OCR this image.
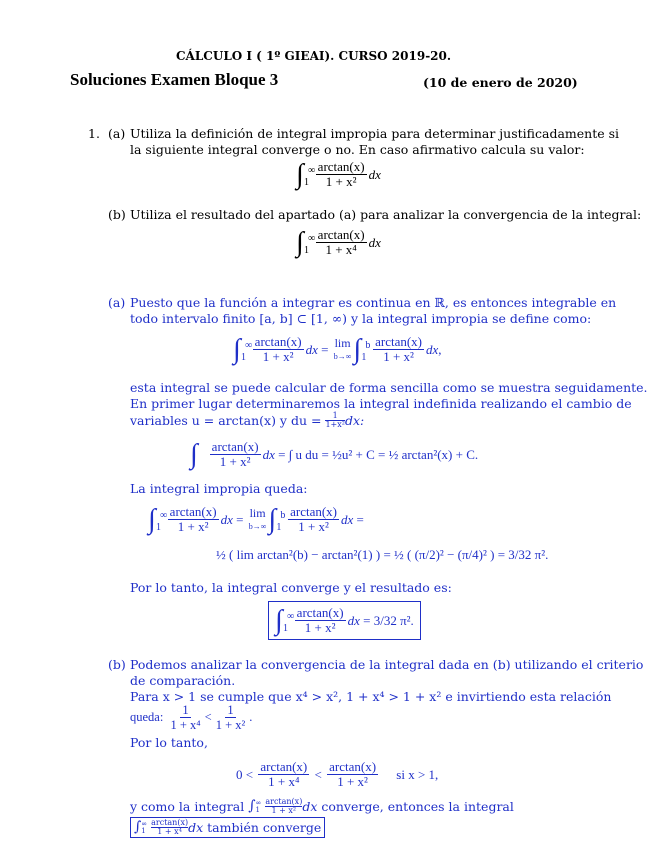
CÁLCULO I ( 1º GIEAI). CURSO 2019-20.
Soluciones Examen Bloque 3	(10 de enero de 2020)
1. (a) Utiliza la definición de integral impropia para determinar justificadamente si
la siguiente integral converge o no. En caso afirmativo calcula su valor:
∫ ∞
$1 \frac{\arctan(x)}{\text{1 + x²}}$ dx
(b) Utiliza el resultado del apartado (a) para analizar la convergencia de la integral:
∫ ∞
$1 \frac{\arctan(x)}{\text{1 + x⁴}}$ dx
(a) Puesto que la función a integrar es continua en ℝ, es entonces integrable en
todo intervalo finito [a, b] ⊂ [1, ∞) y la integral impropia se define como:
∫ ∞
$1 \frac{\arctan(x)}{\text{1 + x²}}$ dx
=
lim
b→∞ ∫ b
$1 \frac{\arctan(x)}{\text{1 + x²}}$ dx ,
esta integral se puede calcular de forma sencilla como se muestra seguidamente.
En primer lugar determinaremos la integral indefinida realizando el cambio de
variables u = arctan(x) y du =
$\frac{1}{\text{1+x²}}$ dx:
∫ $\frac{\arctan(x)}{\text{1 + x²}}$ dx
= ∫ u du = ½u² + C = ½ arctan²(x) + C.
La integral impropia queda:
∫ ∞
$1 \frac{\arctan(x)}{\text{1 + x²}}$ dx
=
lim
b→∞ ∫ b
$1 \frac{\arctan(x)}{\text{1 + x²}}$ dx
=
½ ( lim arctan²(b) − arctan²(1) ) = ½ ( (π/2)² − (π/4)² ) = 3/32 π².
Por lo tanto, la integral converge y el resultado es:
∫ ∞
$1 \frac{\arctan(x)}{\text{1 + x²}}$ dx
= 3/32 π².
(b) Podemos analizar la convergencia de la integral dada en (b) utilizando el criterio
de comparación.
Para x > 1 se cumple que x⁴ > x², 1 + x⁴ > 1 + x² e invirtiendo esta relación
queda:
$\frac{1}{\text{1 + x⁴}} < \frac{1}{\text{1 + x²}}$ .
Por lo tanto,
0 <
$\frac{\arctan(x)}{\text{1 + x⁴}}$
<
$\frac{\arctan(x)}{\text{1 + x²}}$
si x > 1,
y como la integral
∫ ∞
1

arctan(x)
1 + x² dx
converge, entonces la integral
∫ ∞
1

arctan(x)
1 + x⁴ dx
también converge
